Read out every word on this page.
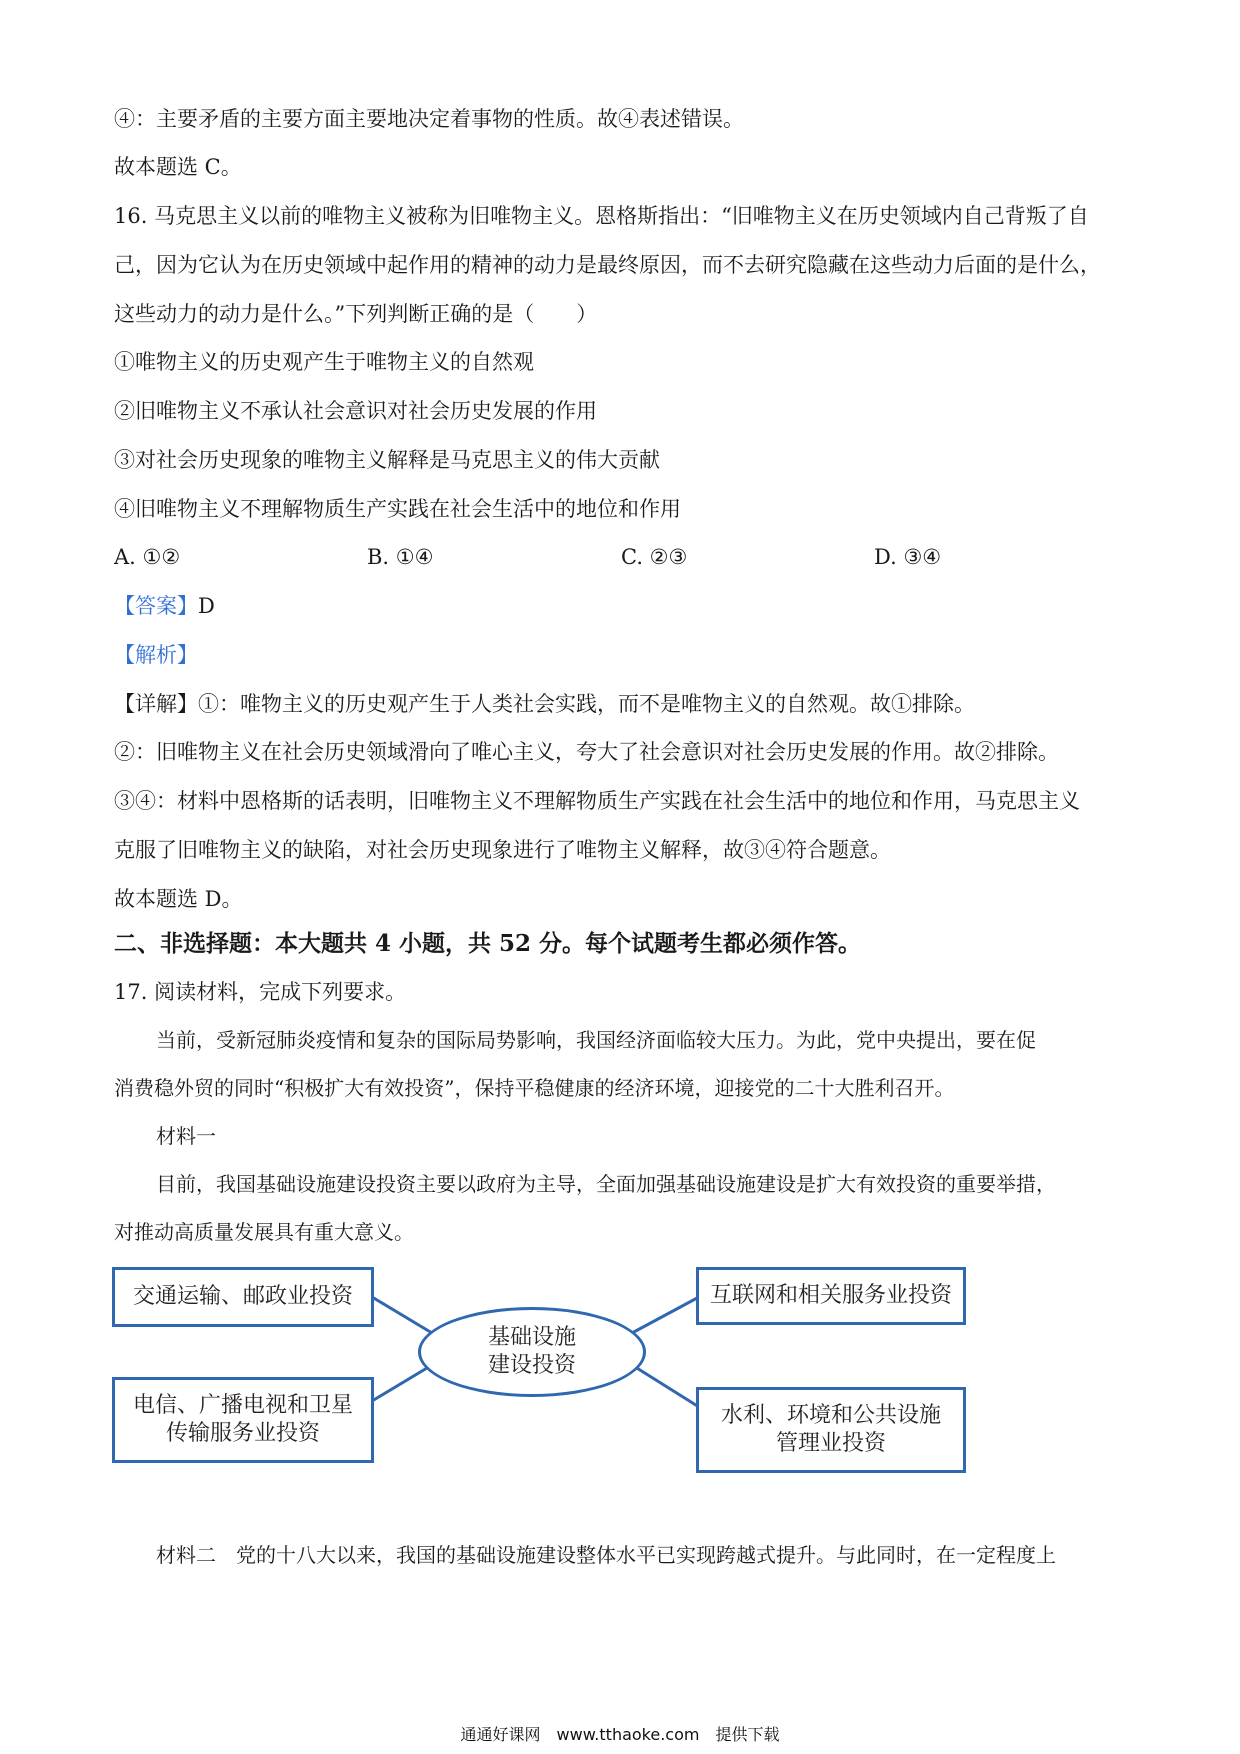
④：主要矛盾的主要方面主要地决定着事物的性质。故④表述错误。
故本题选 C。
16. 马克思主义以前的唯物主义被称为旧唯物主义。恩格斯指出：“旧唯物主义在历史领域内自己背叛了自
己，因为它认为在历史领域中起作用的精神的动力是最终原因，而不去研究隐藏在这些动力后面的是什么，
这些动力的动力是什么。”下列判断正确的是（　　）
①唯物主义的历史观产生于唯物主义的自然观
②旧唯物主义不承认社会意识对社会历史发展的作用
③对社会历史现象的唯物主义解释是马克思主义的伟大贡献
④旧唯物主义不理解物质生产实践在社会生活中的地位和作用
A. ①②	B. ①④	C. ②③	D. ③④
【答案】D
【解析】
【详解】①：唯物主义的历史观产生于人类社会实践，而不是唯物主义的自然观。故①排除。
②：旧唯物主义在社会历史领域滑向了唯心主义，夸大了社会意识对社会历史发展的作用。故②排除。
③④：材料中恩格斯的话表明，旧唯物主义不理解物质生产实践在社会生活中的地位和作用，马克思主义
克服了旧唯物主义的缺陷，对社会历史现象进行了唯物主义解释，故③④符合题意。
故本题选 D。
二、非选择题：本大题共 4 小题，共 52 分。每个试题考生都必须作答。
17. 阅读材料，完成下列要求。
当前，受新冠肺炎疫情和复杂的国际局势影响，我国经济面临较大压力。为此，党中央提出，要在促
消费稳外贸的同时“积极扩大有效投资”，保持平稳健康的经济环境，迎接党的二十大胜利召开。
材料一
目前，我国基础设施建设投资主要以政府为主导，全面加强基础设施建设是扩大有效投资的重要举措，
对推动高质量发展具有重大意义。
交通运输、邮政业投资
电信、广播电视和卫星
传输服务业投资
基础设施
建设投资
互联网和相关服务业投资
水利、环境和公共设施
管理业投资
材料二　党的十八大以来，我国的基础设施建设整体水平已实现跨越式提升。与此同时，在一定程度上
通通好课网　www.tthaoke.com　提供下载
